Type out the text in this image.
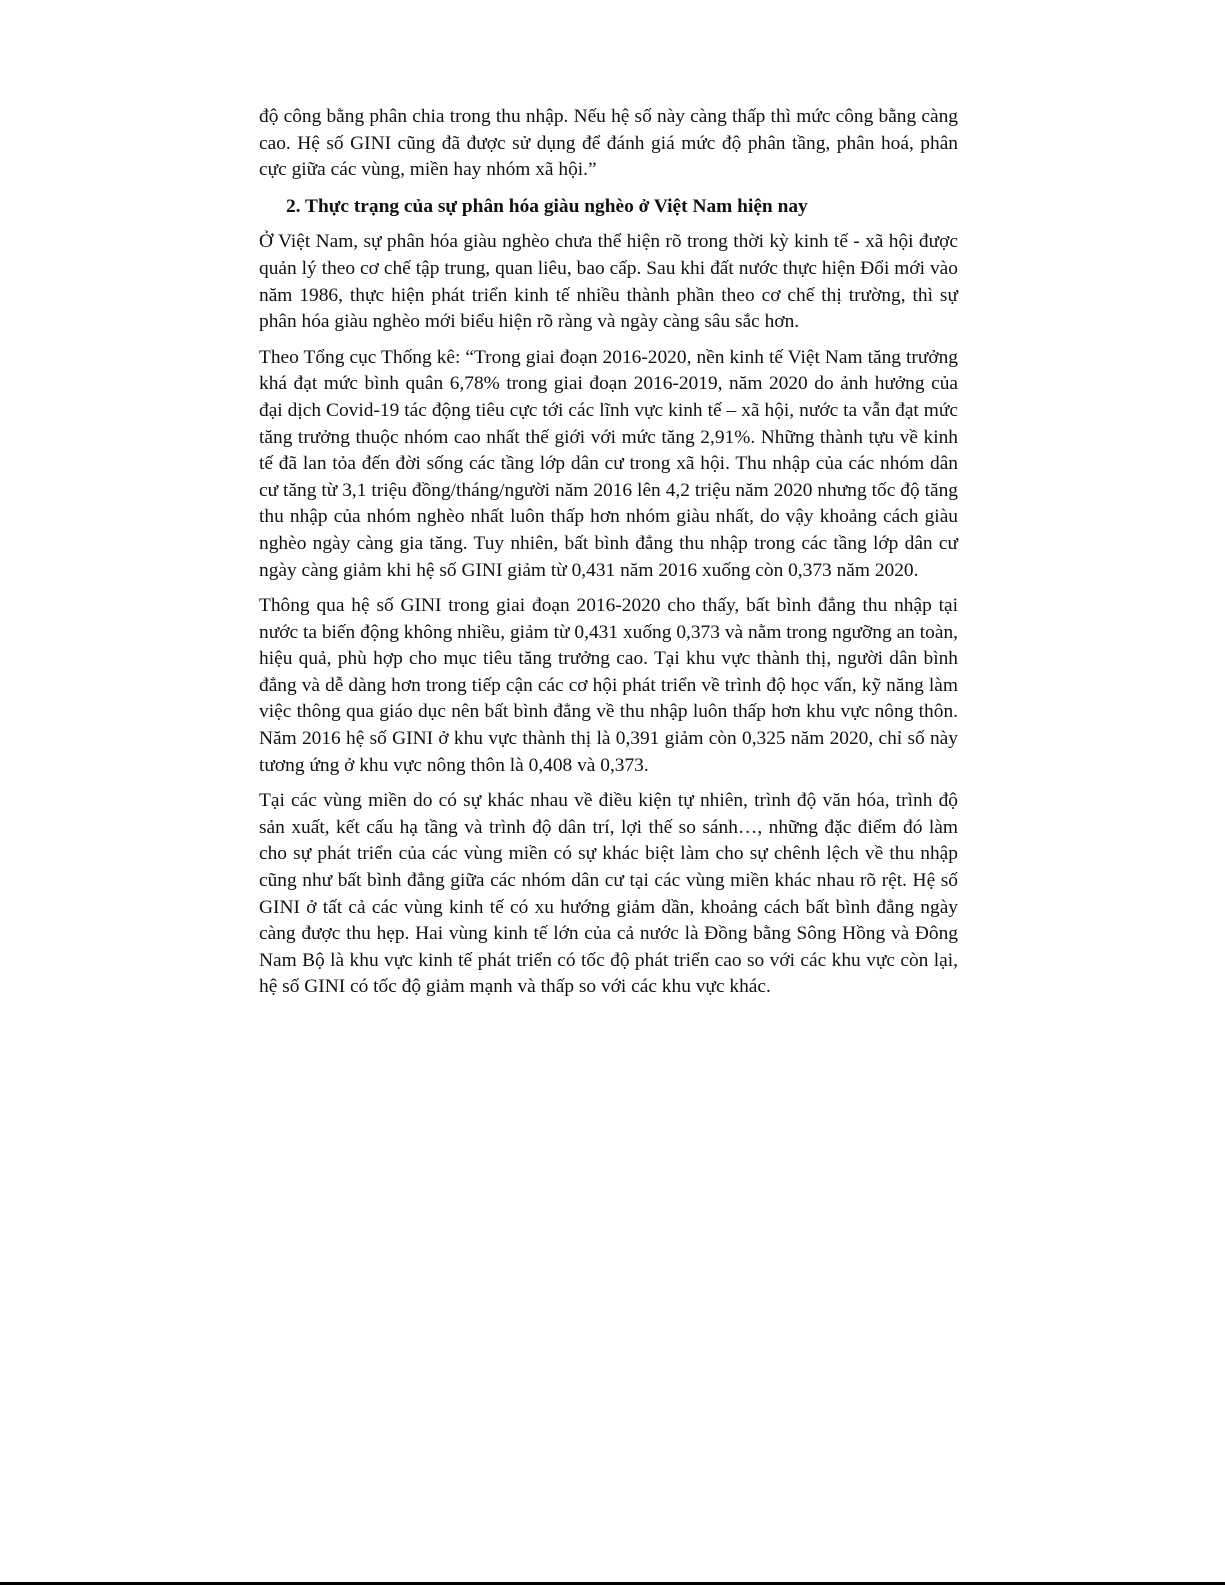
độ công bằng phân chia trong thu nhập. Nếu hệ số này càng thấp thì mức công bằng càng cao. Hệ số GINI cũng đã được sử dụng để đánh giá mức độ phân tầng, phân hoá, phân cực giữa các vùng, miền hay nhóm xã hội.”

2. Thực trạng của sự phân hóa giàu nghèo ở Việt Nam hiện nay

Ở Việt Nam, sự phân hóa giàu nghèo chưa thể hiện rõ trong thời kỳ kinh tế - xã hội được quản lý theo cơ chế tập trung, quan liêu, bao cấp. Sau khi đất nước thực hiện Đổi mới vào năm 1986, thực hiện phát triển kinh tế nhiều thành phần theo cơ chế thị trường, thì sự phân hóa giàu nghèo mới biểu hiện rõ ràng và ngày càng sâu sắc hơn.

Theo Tổng cục Thống kê: “Trong giai đoạn 2016-2020, nền kinh tế Việt Nam tăng trưởng khá đạt mức bình quân 6,78% trong giai đoạn 2016-2019, năm 2020 do ảnh hưởng của đại dịch Covid-19 tác động tiêu cực tới các lĩnh vực kinh tế – xã hội, nước ta vẫn đạt mức tăng trưởng thuộc nhóm cao nhất thế giới với mức tăng 2,91%. Những thành tựu về kinh tế đã lan tỏa đến đời sống các tầng lớp dân cư trong xã hội. Thu nhập của các nhóm dân cư tăng từ 3,1 triệu đồng/tháng/người năm 2016 lên 4,2 triệu năm 2020 nhưng tốc độ tăng thu nhập của nhóm nghèo nhất luôn thấp hơn nhóm giàu nhất, do vậy khoảng cách giàu nghèo ngày càng gia tăng. Tuy nhiên, bất bình đẳng thu nhập trong các tầng lớp dân cư ngày càng giảm khi hệ số GINI giảm từ 0,431 năm 2016 xuống còn 0,373 năm 2020.

Thông qua hệ số GINI trong giai đoạn 2016-2020 cho thấy, bất bình đẳng thu nhập tại nước ta biến động không nhiều, giảm từ 0,431 xuống 0,373 và nằm trong ngưỡng an toàn, hiệu quả, phù hợp cho mục tiêu tăng trưởng cao. Tại khu vực thành thị, người dân bình đẳng và dễ dàng hơn trong tiếp cận các cơ hội phát triển về trình độ học vấn, kỹ năng làm việc thông qua giáo dục nên bất bình đẳng về thu nhập luôn thấp hơn khu vực nông thôn. Năm 2016 hệ số GINI ở khu vực thành thị là 0,391 giảm còn 0,325 năm 2020, chỉ số này tương ứng ở khu vực nông thôn là 0,408 và 0,373.

Tại các vùng miền do có sự khác nhau về điều kiện tự nhiên, trình độ văn hóa, trình độ sản xuất, kết cấu hạ tầng và trình độ dân trí, lợi thế so sánh…, những đặc điểm đó làm cho sự phát triển của các vùng miền có sự khác biệt làm cho sự chênh lệch về thu nhập cũng như bất bình đẳng giữa các nhóm dân cư tại các vùng miền khác nhau rõ rệt. Hệ số GINI ở tất cả các vùng kinh tế có xu hướng giảm dần, khoảng cách bất bình đẳng ngày càng được thu hẹp. Hai vùng kinh tế lớn của cả nước là Đồng bằng Sông Hồng và Đông Nam Bộ là khu vực kinh tế phát triển có tốc độ phát triển cao so với các khu vực còn lại, hệ số GINI có tốc độ giảm mạnh và thấp so với các khu vực khác.
